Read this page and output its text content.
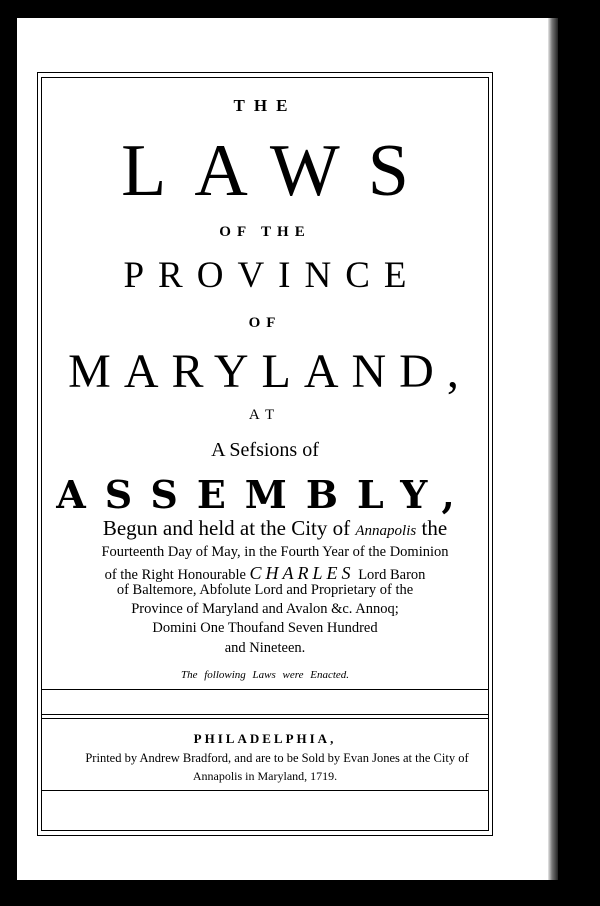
THE
LAWS
OF THE
PROVINCE
OF
MARYLAND,
AT
A Sefsions of
ASSEMBLY,
Begun and held at the City of Annapolis the
Fourteenth Day of May, in the Fourth Year of the Dominion
of the Right Honourable CHARLES Lord Baron
of Baltemore, Abfolute Lord and Proprietary of the
Province of Maryland and Avalon &c. Annoq;
Domini One Thoufand Seven Hundred
and Nineteen.
The following Laws were Enacted.
PHILADELPHIA,
Printed by Andrew Bradford, and are to be Sold by Evan Jones at the City of
Annapolis in Maryland, 1719.
